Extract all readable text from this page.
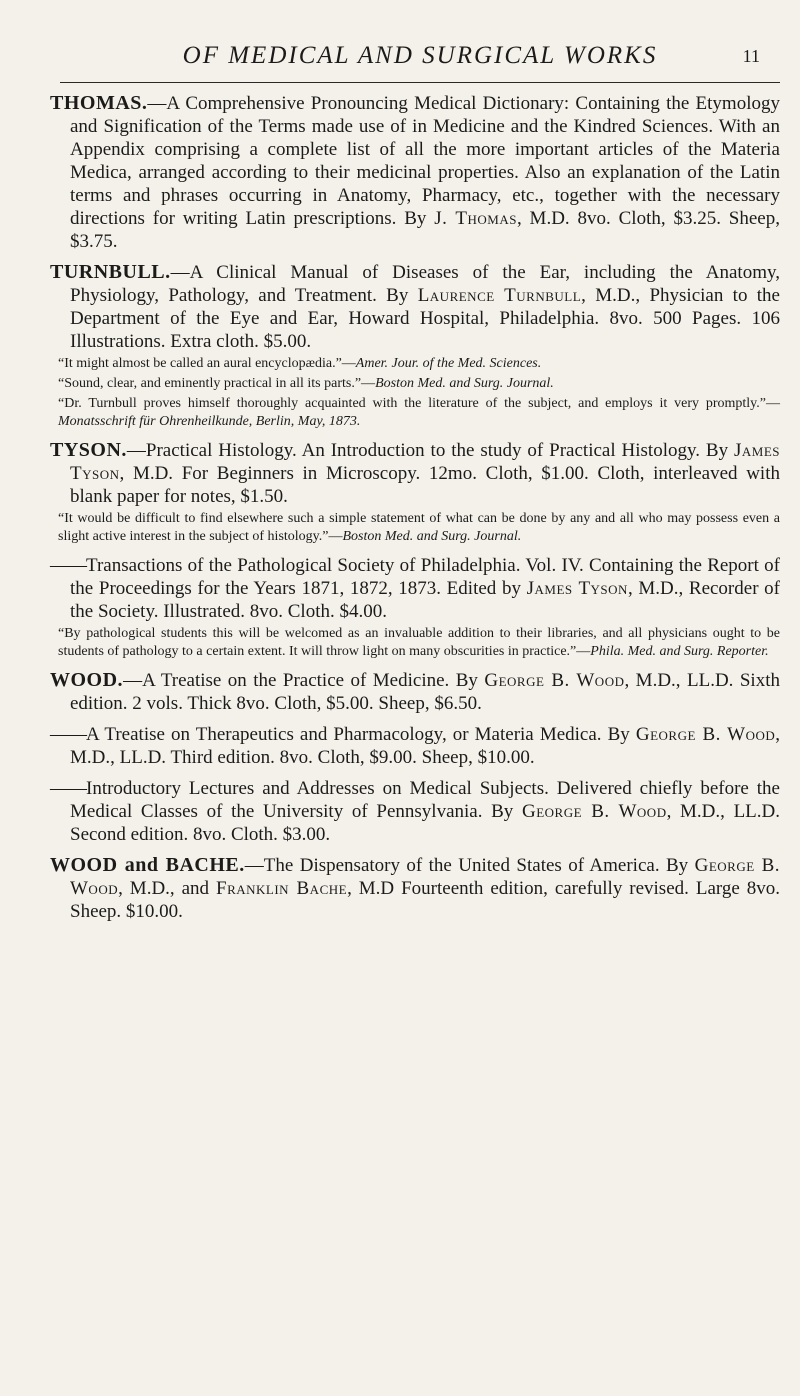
OF MEDICAL AND SURGICAL WORKS	11

THOMAS.—A Comprehensive Pronouncing Medical Dictionary: Containing the Etymology and Signification of the Terms made use of in Medicine and the Kindred Sciences. With an Appendix comprising a complete list of all the more important articles of the Materia Medica, arranged according to their medicinal properties. Also an explanation of the Latin terms and phrases occurring in Anatomy, Pharmacy, etc., together with the necessary directions for writing Latin prescriptions. By J. Thomas, M.D. 8vo. Cloth, $3.25. Sheep, $3.75.

TURNBULL.—A Clinical Manual of Diseases of the Ear, including the Anatomy, Physiology, Pathology, and Treatment. By Laurence Turnbull, M.D., Physician to the Department of the Eye and Ear, Howard Hospital, Philadelphia. 8vo. 500 Pages. 106 Illustrations. Extra cloth. $5.00.

“It might almost be called an aural encyclopædia.”—Amer. Jour. of the Med. Sciences.

“Sound, clear, and eminently practical in all its parts.”—Boston Med. and Surg. Journal.

“Dr. Turnbull proves himself thoroughly acquainted with the literature of the subject, and employs it very promptly.”—Monatsschrift für Ohrenheilkunde, Berlin, May, 1873.

TYSON.—Practical Histology. An Introduction to the study of Practical Histology. By James Tyson, M.D. For Beginners in Microscopy. 12mo. Cloth, $1.00. Cloth, interleaved with blank paper for notes, $1.50.

“It would be difficult to find elsewhere such a simple statement of what can be done by any and all who may possess even a slight active interest in the subject of histology.”—Boston Med. and Surg. Journal.

——Transactions of the Pathological Society of Philadelphia. Vol. IV. Containing the Report of the Proceedings for the Years 1871, 1872, 1873. Edited by James Tyson, M.D., Recorder of the Society. Illustrated. 8vo. Cloth. $4.00.

“By pathological students this will be welcomed as an invaluable addition to their libraries, and all physicians ought to be students of pathology to a certain extent. It will throw light on many obscurities in practice.”—Phila. Med. and Surg. Reporter.

WOOD.—A Treatise on the Practice of Medicine. By George B. Wood, M.D., LL.D. Sixth edition. 2 vols. Thick 8vo. Cloth, $5.00. Sheep, $6.50.

——A Treatise on Therapeutics and Pharmacology, or Materia Medica. By George B. Wood, M.D., LL.D. Third edition. 8vo. Cloth, $9.00. Sheep, $10.00.

——Introductory Lectures and Addresses on Medical Subjects. Delivered chiefly before the Medical Classes of the University of Pennsylvania. By George B. Wood, M.D., LL.D. Second edition. 8vo. Cloth. $3.00.

WOOD and BACHE.—The Dispensatory of the United States of America. By George B. Wood, M.D., and Franklin Bache, M.D Fourteenth edition, carefully revised. Large 8vo. Sheep. $10.00.
